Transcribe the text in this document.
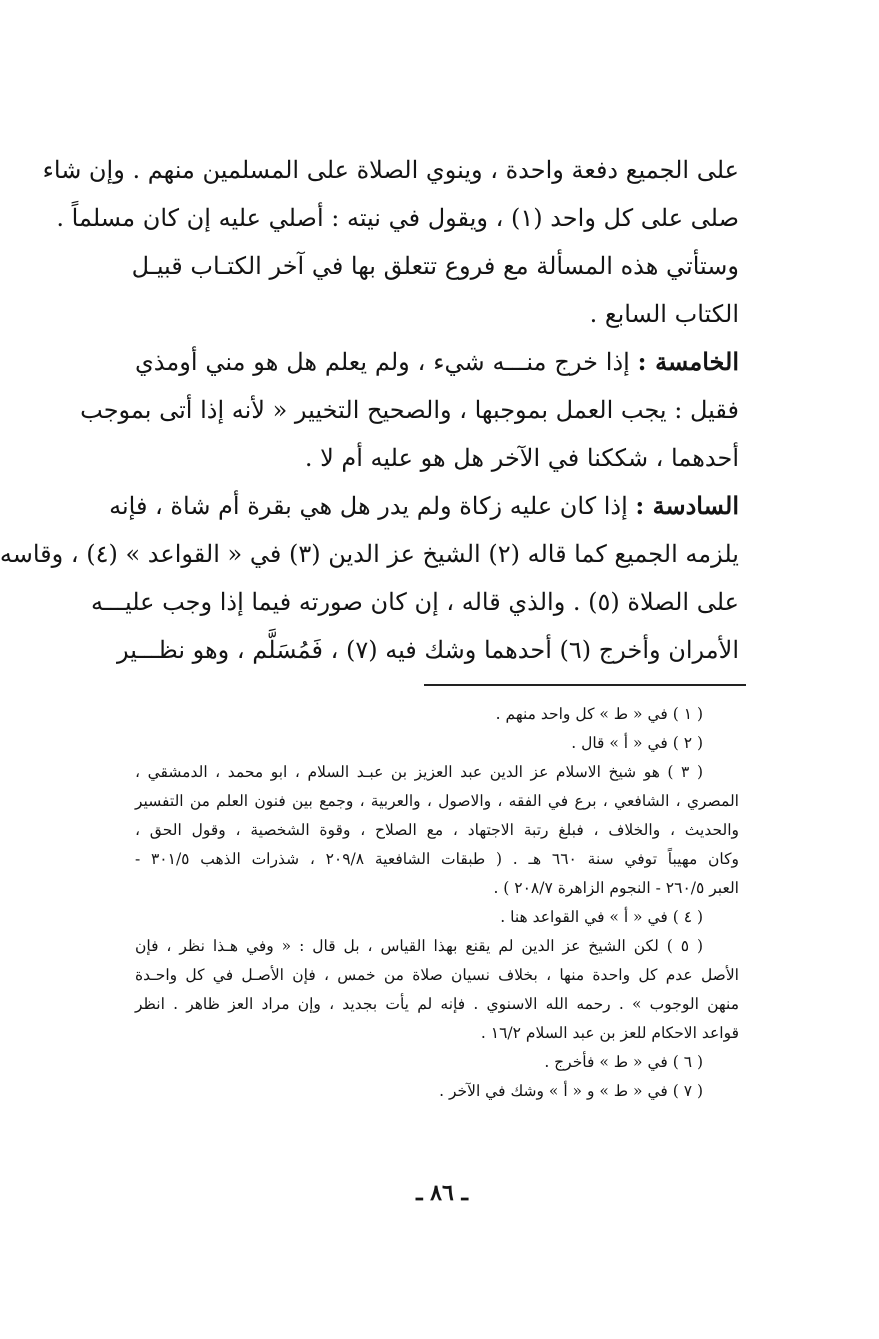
على الجميع دفعة واحدة ، وينوي الصلاة على المسلمين منهم . وإن شاء
صلى على كل واحد (١) ، ويقول في نيته : أصلي عليه إن كان مسلماً .
وستأتي هذه المسألة مع فروع تتعلق بها في آخر الكتـاب قبيـل
الكتاب السابع .
الخامسة : إذا خرج منـــه شيء ، ولم يعلم هل هو مني أومذي
فقيل : يجب العمل بموجبها ، والصحيح التخيير « لأنه إذا أتى بموجب
أحدهما ، شككنا في الآخر هل هو عليه أم لا .
السادسة : إذا كان عليه زكاة ولم يدر هل هي بقرة أم شاة ، فإنه
يلزمه الجميع كما قاله (٢) الشيخ عز الدين (٣) في « القواعد » (٤) ، وقاسه
على الصلاة (٥) . والذي قاله ، إن كان صورته فيما إذا وجب عليـــه
الأمران وأخرج (٦) أحدهما وشك فيه (٧) ، فَمُسَلَّم ، وهو نظـــير
( ١ ) في « ط » كل واحد منهم .
( ٢ ) في « أ » قال .
( ٣ ) هو شيخ الاسلام عز الدين عبد العزيز بن عبـد السلام ، ابو محمد ، الدمشقي ،
المصري ، الشافعي ، برع في الفقه ، والاصول ، والعربية ، وجمع بين فنون العلم من التفسير
والحديث ، والخلاف ، فبلغ رتبة الاجتهاد ، مع الصلاح ، وقوة الشخصية ، وقول الحق ،
وكان مهيباً توفي سنة ٦٦٠ هـ . ( طبقات الشافعية ٢٠٩/٨ ، شذرات الذهب ٣٠١/٥ -
العبر ٢٦٠/٥ - النجوم الزاهرة ٢٠٨/٧ ) .
( ٤ ) في « أ » في القواعد هنا .
( ٥ ) لكن الشيخ عز الدين لم يقنع بهذا القياس ، بل قال : « وفي هـذا نظر ، فإن
الأصل عدم كل واحدة منها ، بخلاف نسيان صلاة من خمس ، فإن الأصـل في كل واحـدة
منهن الوجوب » . رحمه الله الاسنوي . فإنه لم يأت بجديد ، وإن مراد العز ظاهر . انظر
قواعد الاحكام للعز بن عبد السلام ١٦/٢ .
( ٦ ) في « ط » فأخرج .
( ٧ ) في « ط » و « أ » وشك في الآخر .
ـ ٨٦ ـ
